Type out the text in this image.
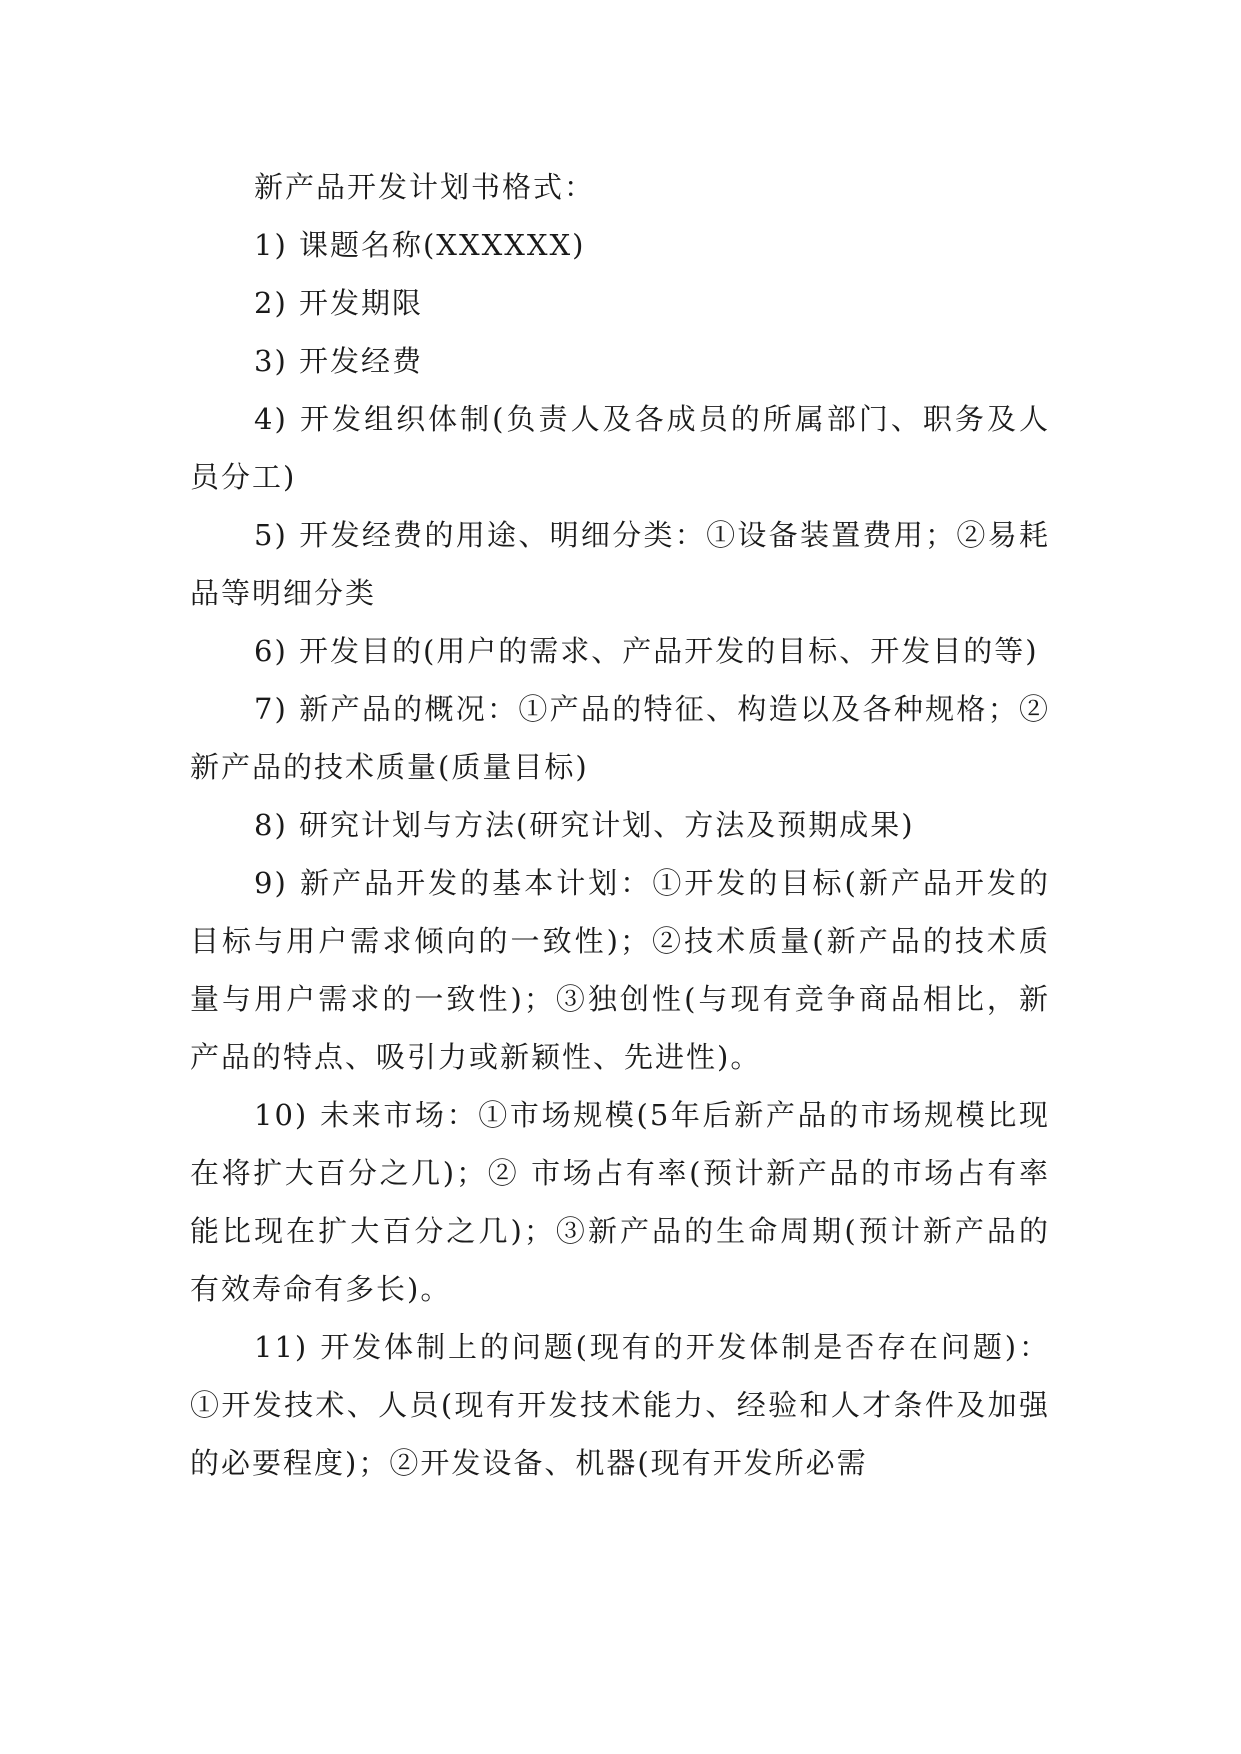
新产品开发计划书格式：

1) 课题名称(XXXXXX)

2) 开发期限

3) 开发经费

4) 开发组织体制(负责人及各成员的所属部门、职务及人员分工)

5) 开发经费的用途、明细分类：①设备装置费用；②易耗品等明细分类

6) 开发目的(用户的需求、产品开发的目标、开发目的等)

7) 新产品的概况：①产品的特征、构造以及各种规格；②新产品的技术质量(质量目标)

8) 研究计划与方法(研究计划、方法及预期成果)

9) 新产品开发的基本计划：①开发的目标(新产品开发的目标与用户需求倾向的一致性)；②技术质量(新产品的技术质量与用户需求的一致性)；③独创性(与现有竞争商品相比，新产品的特点、吸引力或新颖性、先进性)。

10) 未来市场：①市场规模(5年后新产品的市场规模比现在将扩大百分之几)；② 市场占有率(预计新产品的市场占有率能比现在扩大百分之几)；③新产品的生命周期(预计新产品的有效寿命有多长)。

11) 开发体制上的问题(现有的开发体制是否存在问题)：①开发技术、人员(现有开发技术能力、经验和人才条件及加强的必要程度)；②开发设备、机器(现有开发所必需
